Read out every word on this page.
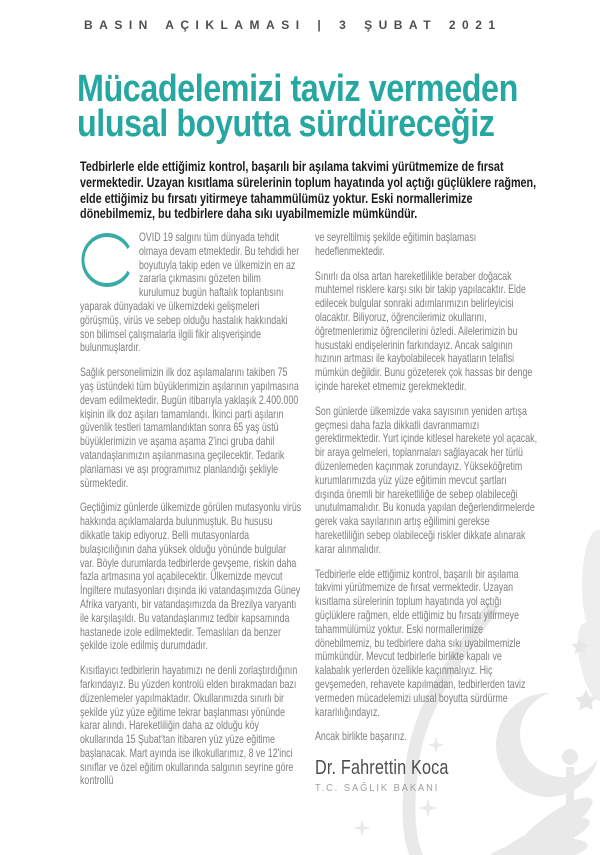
BASIN AÇIKLAMASI | 3 ŞUBAT 2021
Mücadelemizi taviz vermeden
ulusal boyutta sürdüreceğiz
Tedbirlerle elde ettiğimiz kontrol, başarılı bir aşılama takvimi yürütmemize de fırsat vermektedir. Uzayan kısıtlama sürelerinin toplum hayatında yol açtığı güçlüklere rağmen, elde ettiğimiz bu fırsatı yitirmeye tahammülümüz yoktur. Eski normallerimize dönebilmemiz, bu tedbirlere daha sıkı uyabilmemizle mümkündür.

OVID 19 salgını tüm dünyada tehdit olmaya devam etmektedir. Bu tehdidi her boyutuyla takip eden ve ülkemizin en az zararla çıkmasını gözeten bilim kurulumuz bugün haftalık toplantısını yaparak dünyadaki ve ülkemizdeki gelişmeleri görüşmüş, virüs ve sebep olduğu hastalık hakkındaki son bilimsel çalışmalarla ilgili fikir alışverişinde bulunmuşlardır.

Sağlık personelimizin ilk doz aşılamalarını takiben 75 yaş üstündeki tüm büyüklerimizin aşılarının yapılmasına devam edilmektedir. Bugün itibarıyla yaklaşık 2.400.000 kişinin ilk doz aşıları tamamlandı. İkinci parti aşıların güvenlik testleri tamamlandıktan sonra 65 yaş üstü büyüklerimizin ve aşama aşama 2'inci gruba dahil vatandaşlarımızın aşılanmasına geçilecektir. Tedarik planlaması ve aşı programımız planlandığı şekliyle sürmektedir.

Geçtiğimiz günlerde ülkemizde görülen mutasyonlu virüs hakkında açıklamalarda bulunmuştuk. Bu hususu dikkatle takip ediyoruz. Belli mutasyonlarda bulaşıcılığının daha yüksek olduğu yönünde bulgular var. Böyle durumlarda tedbirlerde gevşeme, riskin daha fazla artmasına yol açabilecektir. Ülkemizde mevcut İngiltere mutasyonları dışında iki vatandaşımızda Güney Afrika varyantı, bir vatandaşımızda da Brezilya varyantı ile karşılaşıldı. Bu vatandaşlarımız tedbir kapsamında hastanede izole edilmektedir. Temaslıları da benzer şekilde izole edilmiş durumdadır.

Kısıtlayıcı tedbirlerin hayatımızı ne denli zorlaştırdığının farkındayız. Bu yüzden kontrolü elden bırakmadan bazı düzenlemeler yapılmaktadır. Okullarımızda sınırlı bir şekilde yüz yüze eğitime tekrar başlanması yönünde karar alındı. Hareketliliğin daha az olduğu köy okullarında 15 Şubat'tan itibaren yüz yüze eğitime başlanacak. Mart ayında ise ilkokullarımız, 8 ve 12'inci sınıflar ve özel eğitim okullarında salgının seyrine göre kontrollü

ve seyreltilmiş şekilde eğitimin başlaması hedeflenmektedir.

Sınırlı da olsa artan hareketlilikle beraber doğacak muhtemel risklere karşı sıkı bir takip yapılacaktır. Elde edilecek bulgular sonraki adımlarımızın belirleyicisi olacaktır. Biliyoruz, öğrencilerimiz okullarını, öğretmenlerimiz öğrencilerini özledi. Ailelerimizin bu husustaki endişelerinin farkındayız. Ancak salgının hızının artması ile kaybolabilecek hayatların telafisi mümkün değildir. Bunu gözeterek çok hassas bir denge içinde hareket etmemiz gerekmektedir.

Son günlerde ülkemizde vaka sayısının yeniden artışa geçmesi daha fazla dikkatli davranmamızı gerektirmektedir. Yurt içinde kitlesel harekete yol açacak, bir araya gelmeleri, toplanmaları sağlayacak her türlü düzenlemeden kaçınmak zorundayız. Yükseköğretim kurumlarımızda yüz yüze eğitimin mevcut şartları dışında önemli bir hareketliliğe de sebep olabileceği unutulmamalıdır. Bu konuda yapılan değerlendirmelerde gerek vaka sayılarının artış eğilimini gerekse hareketliliğin sebep olabileceği riskler dikkate alınarak karar alınmalıdır.

Tedbirlerle elde ettiğimiz kontrol, başarılı bir aşılama takvimi yürütmemize de fırsat vermektedir. Uzayan kısıtlama sürelerinin toplum hayatında yol açtığı güçlüklere rağmen, elde ettiğimiz bu fırsatı yitirmeye tahammülümüz yoktur. Eski normallerimize dönebilmemiz, bu tedbirlere daha sıkı uyabilmemizle mümkündür. Mevcut tedbirlerle birlikte kapalı ve kalabalık yerlerden özellikle kaçınmalıyız. Hiç gevşemeden, rehavete kapılmadan, tedbirlerden taviz vermeden mücadelemizi ulusal boyutta sürdürme kararlılığındayız.

Ancak birlikte başarırız.

Dr. Fahrettin Koca
T.C. SAĞLIK BAKANI
